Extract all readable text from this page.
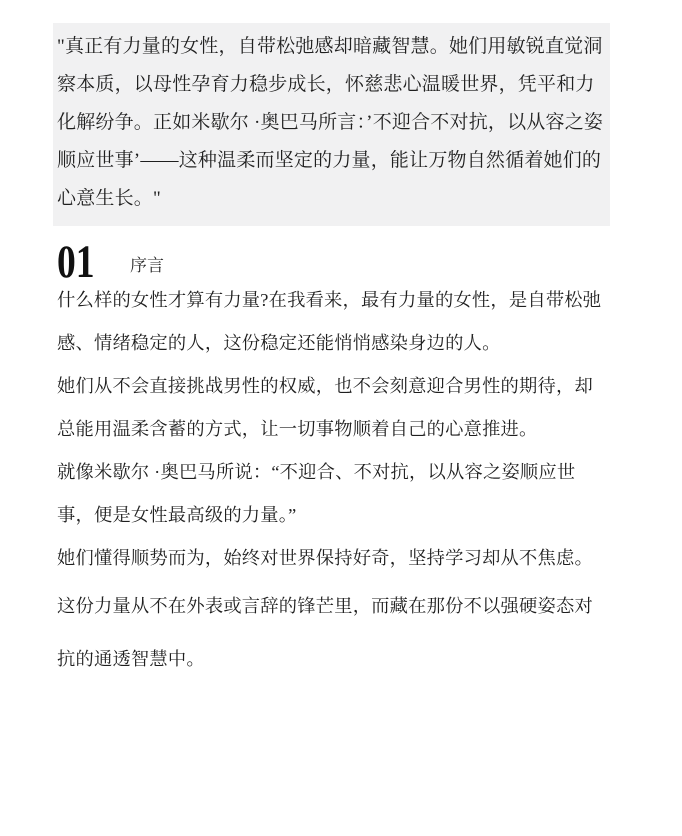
"真正有力量的女性，自带松弛感却暗藏智慧。她们用敏锐直觉洞察本质，以母性孕育力稳步成长，怀慈悲心温暖世界，凭平和力化解纷争。正如米歇尔 ·奥巴马所言：’不迎合不对抗，以从容之姿顺应世事’——这种温柔而坚定的力量，能让万物自然循着她们的心意生长。"
01 序言

什么样的女性才算有力量?在我看来，最有力量的女性，是自带松弛感、情绪稳定的人，这份稳定还能悄悄感染身边的人。

她们从不会直接挑战男性的权威，也不会刻意迎合男性的期待，却总能用温柔含蓄的方式，让一切事物顺着自己的心意推进。

就像米歇尔 ·奥巴马所说：“不迎合、不对抗，以从容之姿顺应世事，便是女性最高级的力量。”

她们懂得顺势而为，始终对世界保持好奇，坚持学习却从不焦虑。

这份力量从不在外表或言辞的锋芒里，而藏在那份不以强硬姿态对抗的通透智慧中。
